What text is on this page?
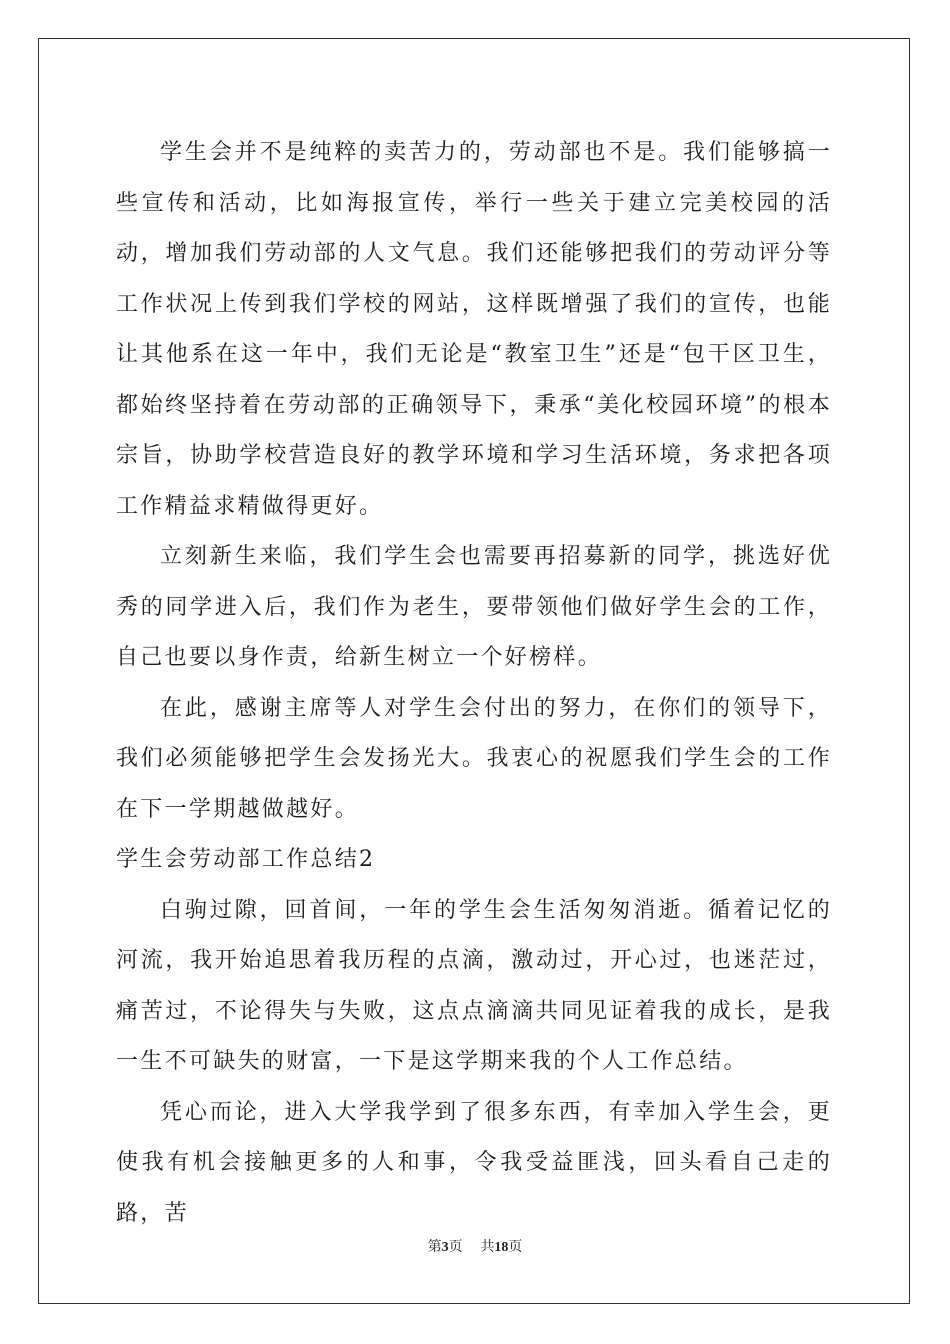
学生会并不是纯粹的卖苦力的，劳动部也不是。我们能够搞一些宣传和活动，比如海报宣传，举行一些关于建立完美校园的活动，增加我们劳动部的人文气息。我们还能够把我们的劳动评分等工作状况上传到我们学校的网站，这样既增强了我们的宣传，也能让其他系在这一年中，我们无论是“教室卫生”还是“包干区卫生，都始终坚持着在劳动部的正确领导下，秉承“美化校园环境”的根本宗旨，协助学校营造良好的教学环境和学习生活环境，务求把各项工作精益求精做得更好。

立刻新生来临，我们学生会也需要再招募新的同学，挑选好优秀的同学进入后，我们作为老生，要带领他们做好学生会的工作，自己也要以身作责，给新生树立一个好榜样。

在此，感谢主席等人对学生会付出的努力，在你们的领导下，我们必须能够把学生会发扬光大。我衷心的祝愿我们学生会的工作在下一学期越做越好。

学生会劳动部工作总结2

白驹过隙，回首间，一年的学生会生活匆匆消逝。循着记忆的河流，我开始追思着我历程的点滴，激动过，开心过，也迷茫过，痛苦过，不论得失与失败，这点点滴滴共同见证着我的成长，是我一生不可缺失的财富，一下是这学期来我的个人工作总结。

凭心而论，进入大学我学到了很多东西，有幸加入学生会，更使我有机会接触更多的人和事，令我受益匪浅，回头看自己走的路，苦

第3页 共18页
